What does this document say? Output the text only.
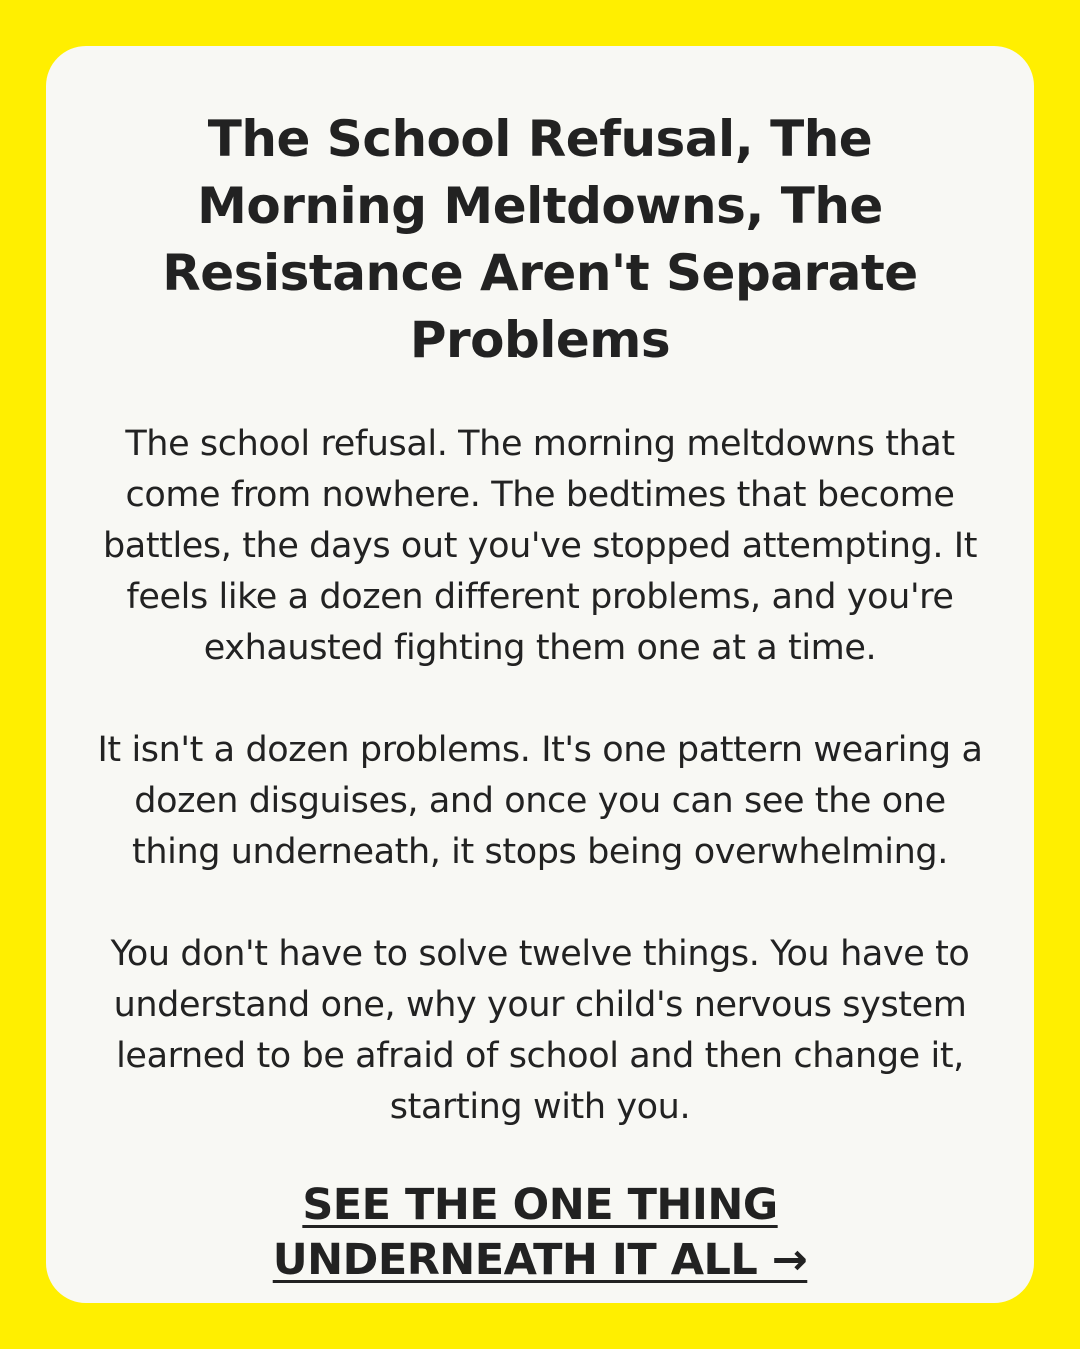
The School Refusal, The Morning Meltdowns, The Resistance Aren't Separate Problems

The school refusal. The morning meltdowns that come from nowhere. The bedtimes that become battles, the days out you've stopped attempting. It feels like a dozen different problems, and you're exhausted fighting them one at a time.

It isn't a dozen problems. It's one pattern wearing a dozen disguises, and once you can see the one thing underneath, it stops being overwhelming.

You don't have to solve twelve things. You have to understand one, why your child's nervous system learned to be afraid of school and then change it, starting with you.

SEE THE ONE THING
UNDERNEATH IT ALL →
